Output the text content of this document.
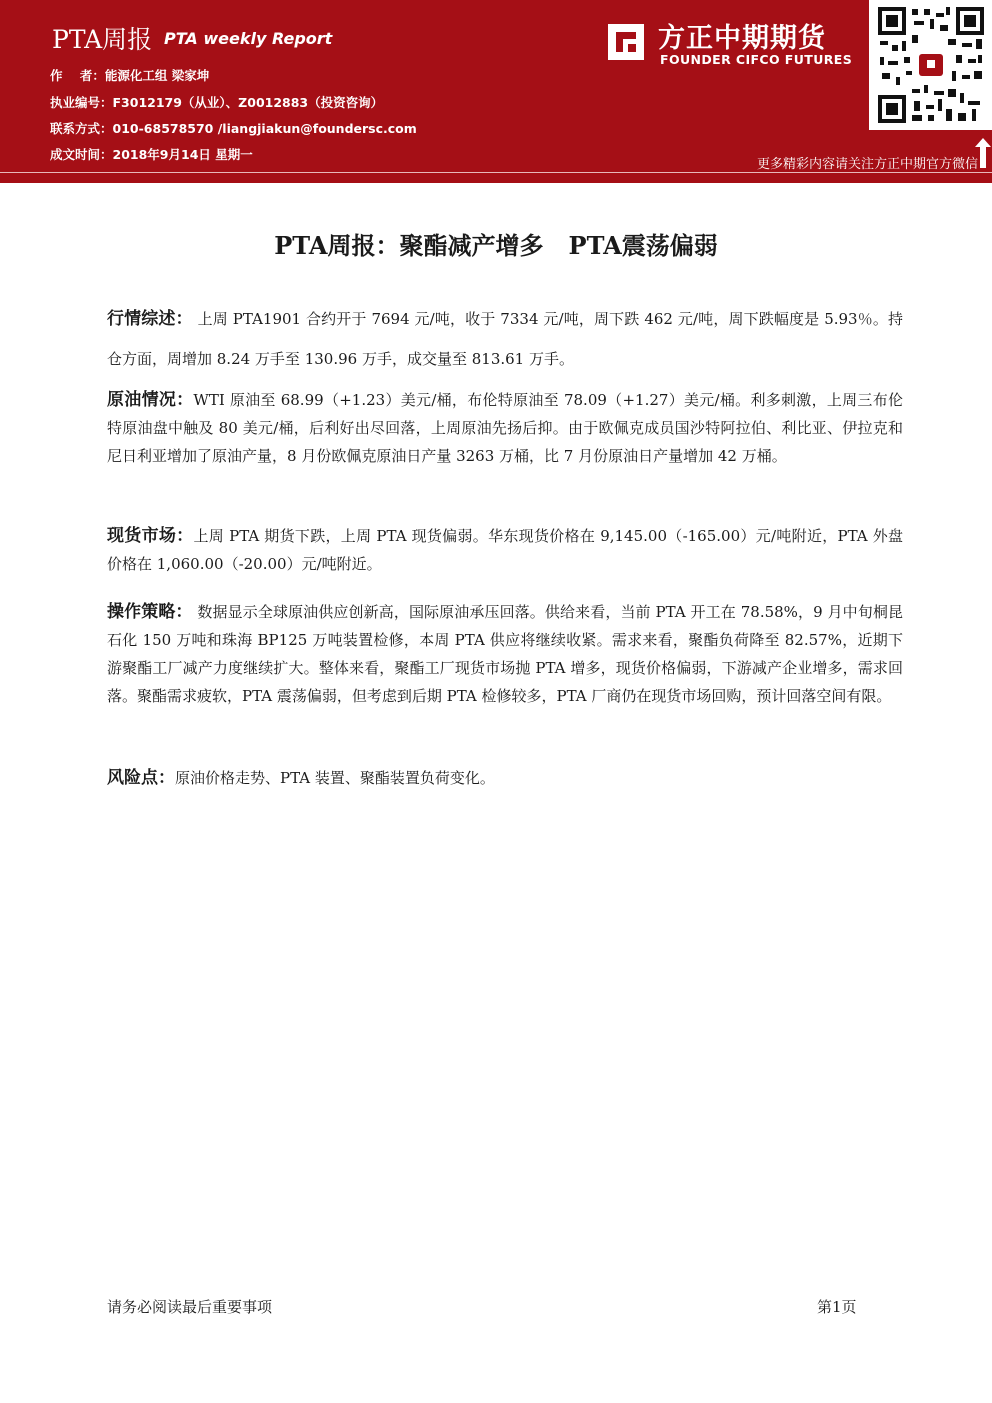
PTA周报 PTA weekly Report
作    者：能源化工组 梁家坤
执业编号：F3012179（从业）、Z0012883（投资咨询）
联系方式：010-68578570 /liangjiakun@foundersc.com
成文时间：2018年9月14日 星期一
方正中期期货
FOUNDER CIFCO FUTURES
更多精彩内容请关注方正中期官方微信
PTA周报：聚酯减产增多   PTA震荡偏弱

行情综述： 上周 PTA1901 合约开于 7694 元/吨，收于 7334 元/吨，周下跌 462 元/吨，周下跌幅度是 5.93％。持仓方面，周增加 8.24 万手至 130.96 万手，成交量至 813.61 万手。

原油情况：WTI 原油至 68.99（+1.23）美元/桶，布伦特原油至 78.09（+1.27）美元/桶。利多刺激，上周三布伦特原油盘中触及 80 美元/桶，后利好出尽回落，上周原油先扬后抑。由于欧佩克成员国沙特阿拉伯、利比亚、伊拉克和尼日利亚增加了原油产量，8 月份欧佩克原油日产量 3263 万桶，比 7 月份原油日产量增加 42 万桶。

现货市场：上周 PTA 期货下跌，上周 PTA 现货偏弱。华东现货价格在 9,145.00（-165.00）元/吨附近，PTA 外盘价格在 1,060.00（-20.00）元/吨附近。

操作策略： 数据显示全球原油供应创新高，国际原油承压回落。供给来看，当前 PTA 开工在 78.58%，9 月中旬桐昆石化 150 万吨和珠海 BP125 万吨装置检修，本周 PTA 供应将继续收紧。需求来看，聚酯负荷降至 82.57%，近期下游聚酯工厂减产力度继续扩大。整体来看，聚酯工厂现货市场抛 PTA 增多，现货价格偏弱，下游减产企业增多，需求回落。聚酯需求疲软，PTA 震荡偏弱，但考虑到后期 PTA 检修较多，PTA 厂商仍在现货市场回购，预计回落空间有限。

风险点：原油价格走势、PTA 装置、聚酯装置负荷变化。

请务必阅读最后重要事项	第1页
